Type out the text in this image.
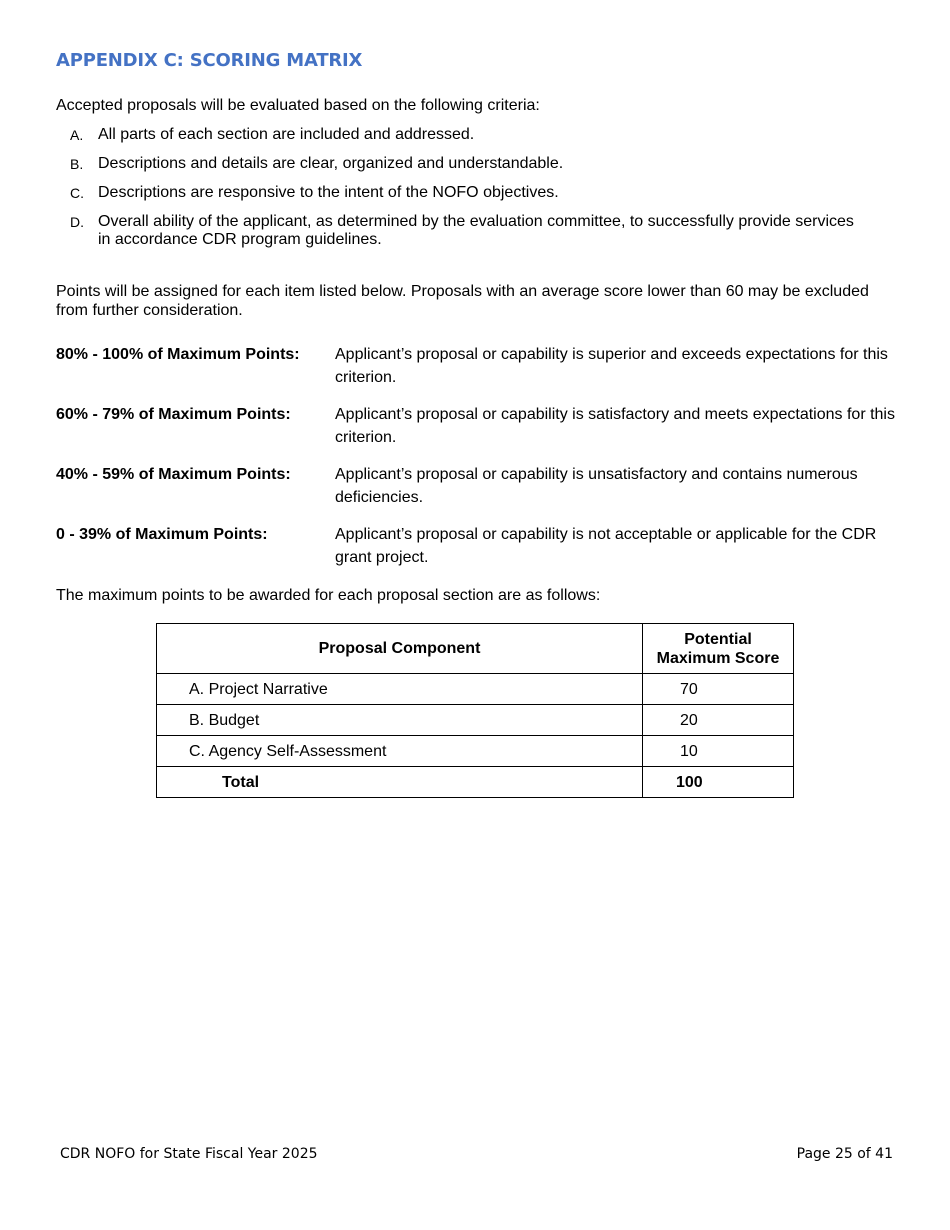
APPENDIX C: SCORING MATRIX

Accepted proposals will be evaluated based on the following criteria:

A. All parts of each section are included and addressed.
B. Descriptions and details are clear, organized and understandable.
C. Descriptions are responsive to the intent of the NOFO objectives.
D. Overall ability of the applicant, as determined by the evaluation committee, to successfully provide services in accordance CDR program guidelines.

Points will be assigned for each item listed below. Proposals with an average score lower than 60 may be excluded from further consideration.

80% - 100% of Maximum Points:	Applicant’s proposal or capability is superior and exceeds expectations for this criterion.
60% - 79% of Maximum Points:	Applicant’s proposal or capability is satisfactory and meets expectations for this criterion.
40% - 59% of Maximum Points:	Applicant’s proposal or capability is unsatisfactory and contains numerous deficiencies.
0 - 39% of Maximum Points:	Applicant’s proposal or capability is not acceptable or applicable for the CDR grant project.

The maximum points to be awarded for each proposal section are as follows:

Proposal Component	Potential
Maximum Score
A. Project Narrative	70
B. Budget	20
C. Agency Self-Assessment	10
Total	100
CDR NOFO for State Fiscal Year 2025	Page 25 of 41
